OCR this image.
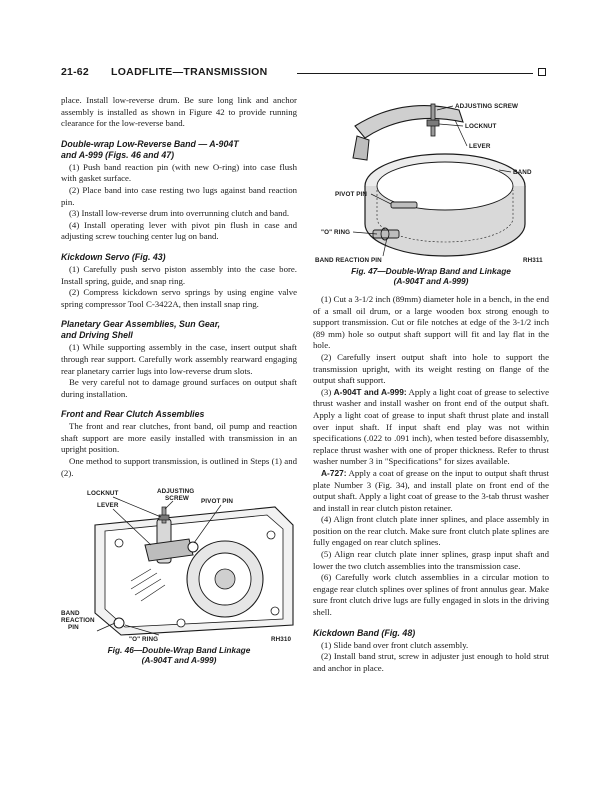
21-62 LOADFLITE—TRANSMISSION

place. Install low-reverse drum. Be sure long link and anchor assembly is installed as shown in Figure 42 to provide running clearance for the low-reverse band.

Double-wrap Low-Reverse Band — A-904T
and A-999 (Figs. 46 and 47)

(1) Push band reaction pin (with new O-ring) into case flush with gasket surface.

(2) Place band into case resting two lugs against band reaction pin.

(3) Install low-reverse drum into overrunning clutch and band.

(4) Install operating lever with pivot pin flush in case and adjusting screw touching center lug on band.

Kickdown Servo (Fig. 43)

(1) Carefully push servo piston assembly into the case bore. Install spring, guide, and snap ring.

(2) Compress kickdown servo springs by using engine valve spring compressor Tool C-3422A, then install snap ring.

Planetary Gear Assemblies, Sun Gear,
and Driving Shell

(1) While supporting assembly in the case, insert output shaft through rear support. Carefully work assembly rearward engaging rear planetary carrier lugs into low-reverse drum slots.

Be very careful not to damage ground surfaces on output shaft during installation.

Front and Rear Clutch Assemblies

The front and rear clutches, front band, oil pump and reaction shaft support are more easily installed with transmission in an upright position.

One method to support transmission, is outlined in Steps (1) and (2).

LOCKNUT	ADJUSTING
SCREW
LEVER
PIVOT PIN
BAND
REACTION
PIN
"O" RING	RH310

Fig. 46—Double-Wrap Band Linkage

(A-904T and A-999)

ADJUSTING SCREW
LOCKNUT
LEVER
BAND
PIVOT PIN
"O" RING
BAND REACTION PIN	RH311

Fig. 47—Double-Wrap Band and Linkage

(A-904T and A-999)

(1) Cut a 3-1/2 inch (89mm) diameter hole in a bench, in the end of a small oil drum, or a large wooden box strong enough to support transmission. Cut or file notches at edge of the 3-1/2 inch (89 mm) hole so output shaft support will fit and lay flat in the hole.

(2) Carefully insert output shaft into hole to support the transmission upright, with its weight resting on flange of the output shaft support.

(3) A-904T and A-999: Apply a light coat of grease to selective thrust washer and install washer on front end of the output shaft. Apply a light coat of grease to input shaft thrust plate and install over input shaft. If input shaft end play was not within specifications (.022 to .091 inch), when tested before disassembly, replace thrust washer with one of proper thickness. Refer to thrust washer number 3 in "Specifications" for sizes available.

A-727: Apply a coat of grease on the input to output shaft thrust plate Number 3 (Fig. 34), and install plate on front end of the output shaft. Apply a light coat of grease to the 3-tab thrust washer and install in rear clutch piston retainer.

(4) Align front clutch plate inner splines, and place assembly in position on the rear clutch. Make sure front clutch plate splines are fully engaged on rear clutch splines.

(5) Align rear clutch plate inner splines, grasp input shaft and lower the two clutch assemblies into the transmission case.

(6) Carefully work clutch assemblies in a circular motion to engage rear clutch splines over splines of front annulus gear. Make sure front clutch drive lugs are fully engaged in slots in the driving shell.

Kickdown Band (Fig. 48)

(1) Slide band over front clutch assembly.

(2) Install band strut, screw in adjuster just enough to hold strut and anchor in place.
